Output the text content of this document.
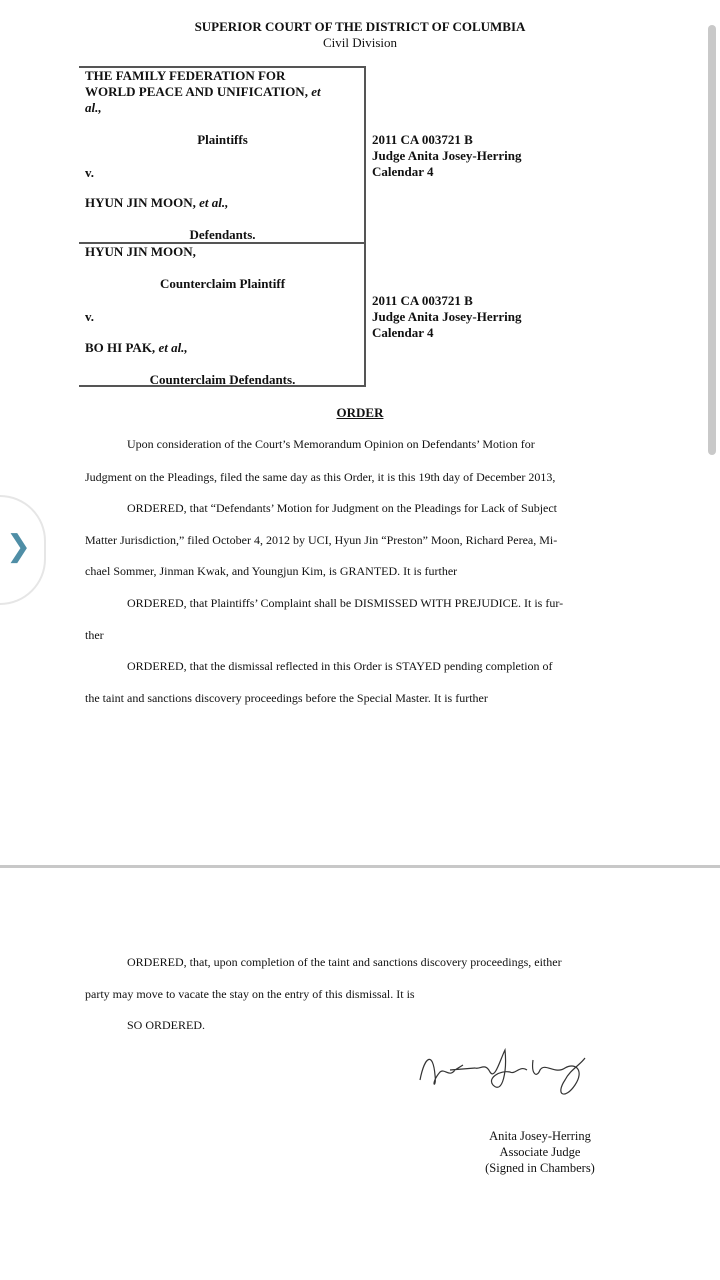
SUPERIOR COURT OF THE DISTRICT OF COLUMBIA
Civil Division
THE FAMILY FEDERATION FOR
WORLD PEACE AND UNIFICATION, et
al.,
Plaintiffs
v.
HYUN JIN MOON, et al.,
Defendants.
2011 CA 003721 B
Judge Anita Josey-Herring
Calendar 4
HYUN JIN MOON,
Counterclaim Plaintiff
v.
BO HI PAK, et al.,
Counterclaim Defendants.
2011 CA 003721 B
Judge Anita Josey-Herring
Calendar 4
ORDER
Upon consideration of the Court’s Memorandum Opinion on Defendants’ Motion for
Judgment on the Pleadings, filed the same day as this Order, it is this 19th day of December 2013,
ORDERED, that “Defendants’ Motion for Judgment on the Pleadings for Lack of Subject
Matter Jurisdiction,” filed October 4, 2012 by UCI, Hyun Jin “Preston” Moon, Richard Perea, Mi-
chael Sommer, Jinman Kwak, and Youngjun Kim, is GRANTED. It is further
ORDERED, that Plaintiffs’ Complaint shall be DISMISSED WITH PREJUDICE. It is fur-
ther
ORDERED, that the dismissal reflected in this Order is STAYED pending completion of
the taint and sanctions discovery proceedings before the Special Master. It is further
ORDERED, that, upon completion of the taint and sanctions discovery proceedings, either
party may move to vacate the stay on the entry of this dismissal. It is
SO ORDERED.
Anita Josey-Herring
Associate Judge
(Signed in Chambers)
❯
